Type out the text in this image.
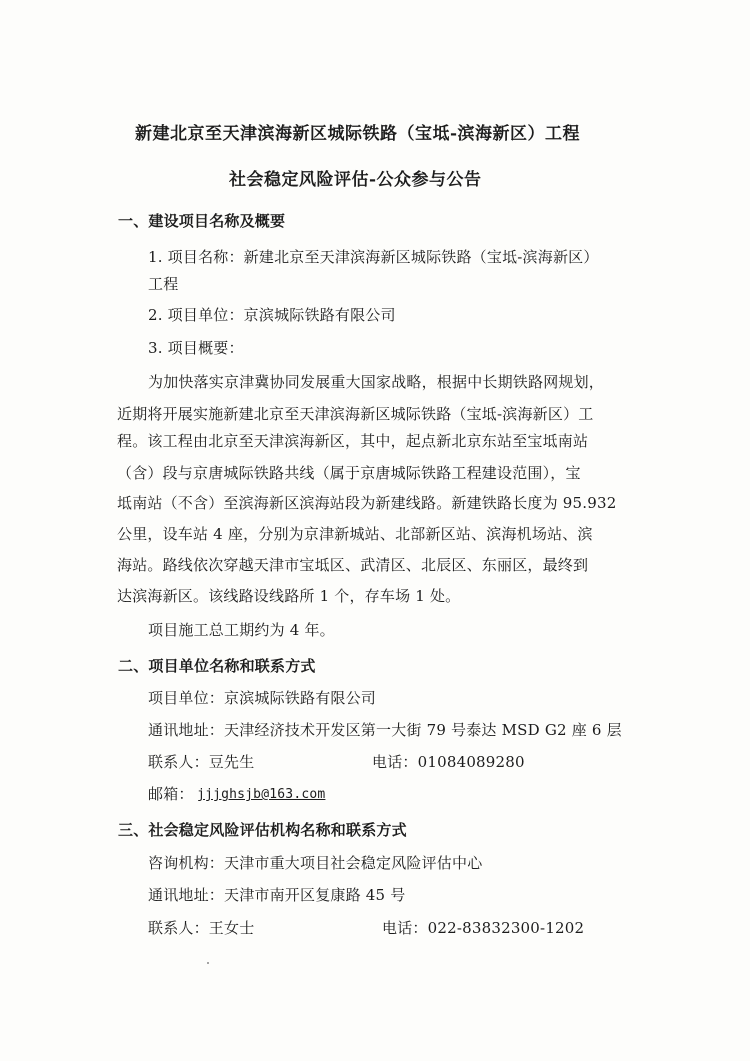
新建北京至天津滨海新区城际铁路（宝坻-滨海新区）工程
社会稳定风险评估-公众参与公告
一、建设项目名称及概要
1. 项目名称：新建北京至天津滨海新区城际铁路（宝坻-滨海新区）
工程
2. 项目单位：京滨城际铁路有限公司
3. 项目概要：
为加快落实京津冀协同发展重大国家战略，根据中长期铁路网规划，
近期将开展实施新建北京至天津滨海新区城际铁路（宝坻-滨海新区）工
程。该工程由北京至天津滨海新区，其中，起点新北京东站至宝坻南站
（含）段与京唐城际铁路共线（属于京唐城际铁路工程建设范围），宝
坻南站（不含）至滨海新区滨海站段为新建线路。新建铁路长度为 95.932
公里，设车站 4 座，分别为京津新城站、北部新区站、滨海机场站、滨
海站。路线依次穿越天津市宝坻区、武清区、北辰区、东丽区，最终到
达滨海新区。该线路设线路所 1 个，存车场 1 处。
项目施工总工期约为 4 年。
二、项目单位名称和联系方式
项目单位：京滨城际铁路有限公司
通讯地址：天津经济技术开发区第一大街 79 号泰达 MSD G2 座 6 层
联系人：豆先生	电话：01084089280
邮箱： jjjghsjb@163.com
三、社会稳定风险评估机构名称和联系方式
咨询机构：天津市重大项目社会稳定风险评估中心
通讯地址：天津市南开区复康路 45 号
联系人：王女士	电话：022-83832300-1202
